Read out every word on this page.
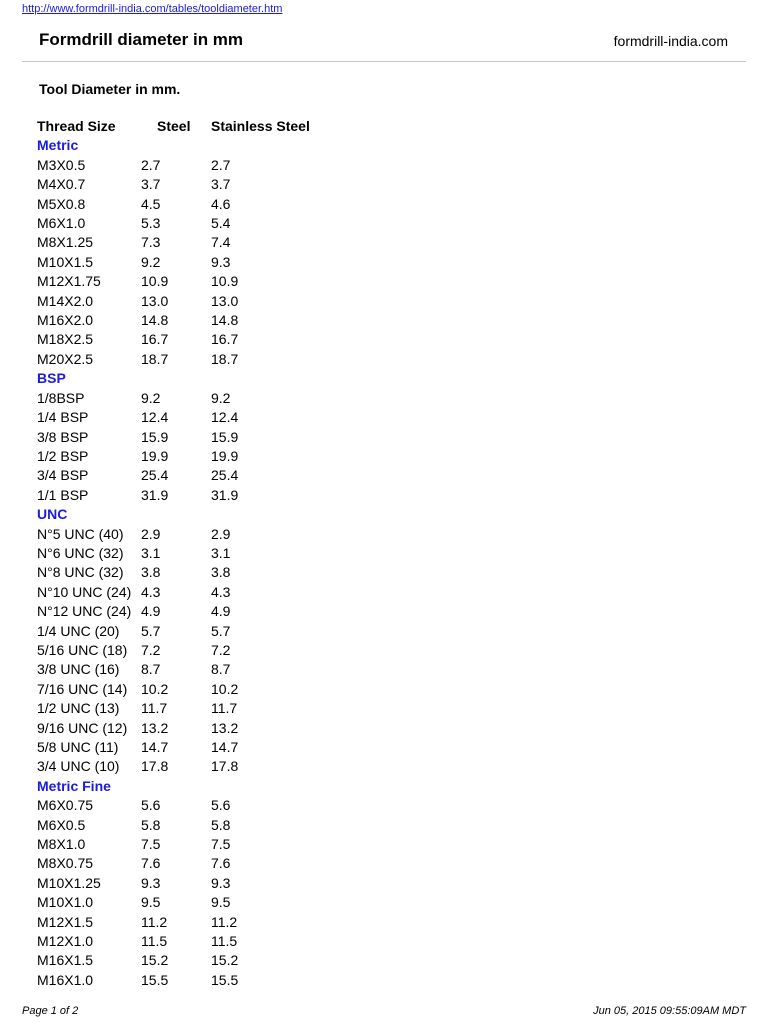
http://www.formdrill-india.com/tables/tooldiameter.htm
Formdrill diameter in mm	formdrill-india.com
Tool Diameter in mm.
Thread Size	Steel	Stainless Steel
Metric		
M3X0.5	2.7	2.7
M4X0.7	3.7	3.7
M5X0.8	4.5	4.6
M6X1.0	5.3	5.4
M8X1.25	7.3	7.4
M10X1.5	9.2	9.3
M12X1.75	10.9	10.9
M14X2.0	13.0	13.0
M16X2.0	14.8	14.8
M18X2.5	16.7	16.7
M20X2.5	18.7	18.7
BSP		
1/8BSP	9.2	9.2
1/4 BSP	12.4	12.4
3/8 BSP	15.9	15.9
1/2 BSP	19.9	19.9
3/4 BSP	25.4	25.4
1/1 BSP	31.9	31.9
UNC		
N°5 UNC (40)	2.9	2.9
N°6 UNC (32)	3.1	3.1
N°8 UNC (32)	3.8	3.8
N°10 UNC (24)	4.3	4.3
N°12 UNC (24)	4.9	4.9
1/4 UNC (20)	5.7	5.7
5/16 UNC (18)	7.2	7.2
3/8 UNC (16)	8.7	8.7
7/16 UNC (14)	10.2	10.2
1/2 UNC (13)	11.7	11.7
9/16 UNC (12)	13.2	13.2
5/8 UNC (11)	14.7	14.7
3/4 UNC (10)	17.8	17.8
Metric Fine		
M6X0.75	5.6	5.6
M6X0.5	5.8	5.8
M8X1.0	7.5	7.5
M8X0.75	7.6	7.6
M10X1.25	9.3	9.3
M10X1.0	9.5	9.5
M12X1.5	11.2	11.2
M12X1.0	11.5	11.5
M16X1.5	15.2	15.2
M16X1.0	15.5	15.5
Page 1 of 2	Jun 05, 2015 09:55:09AM MDT
